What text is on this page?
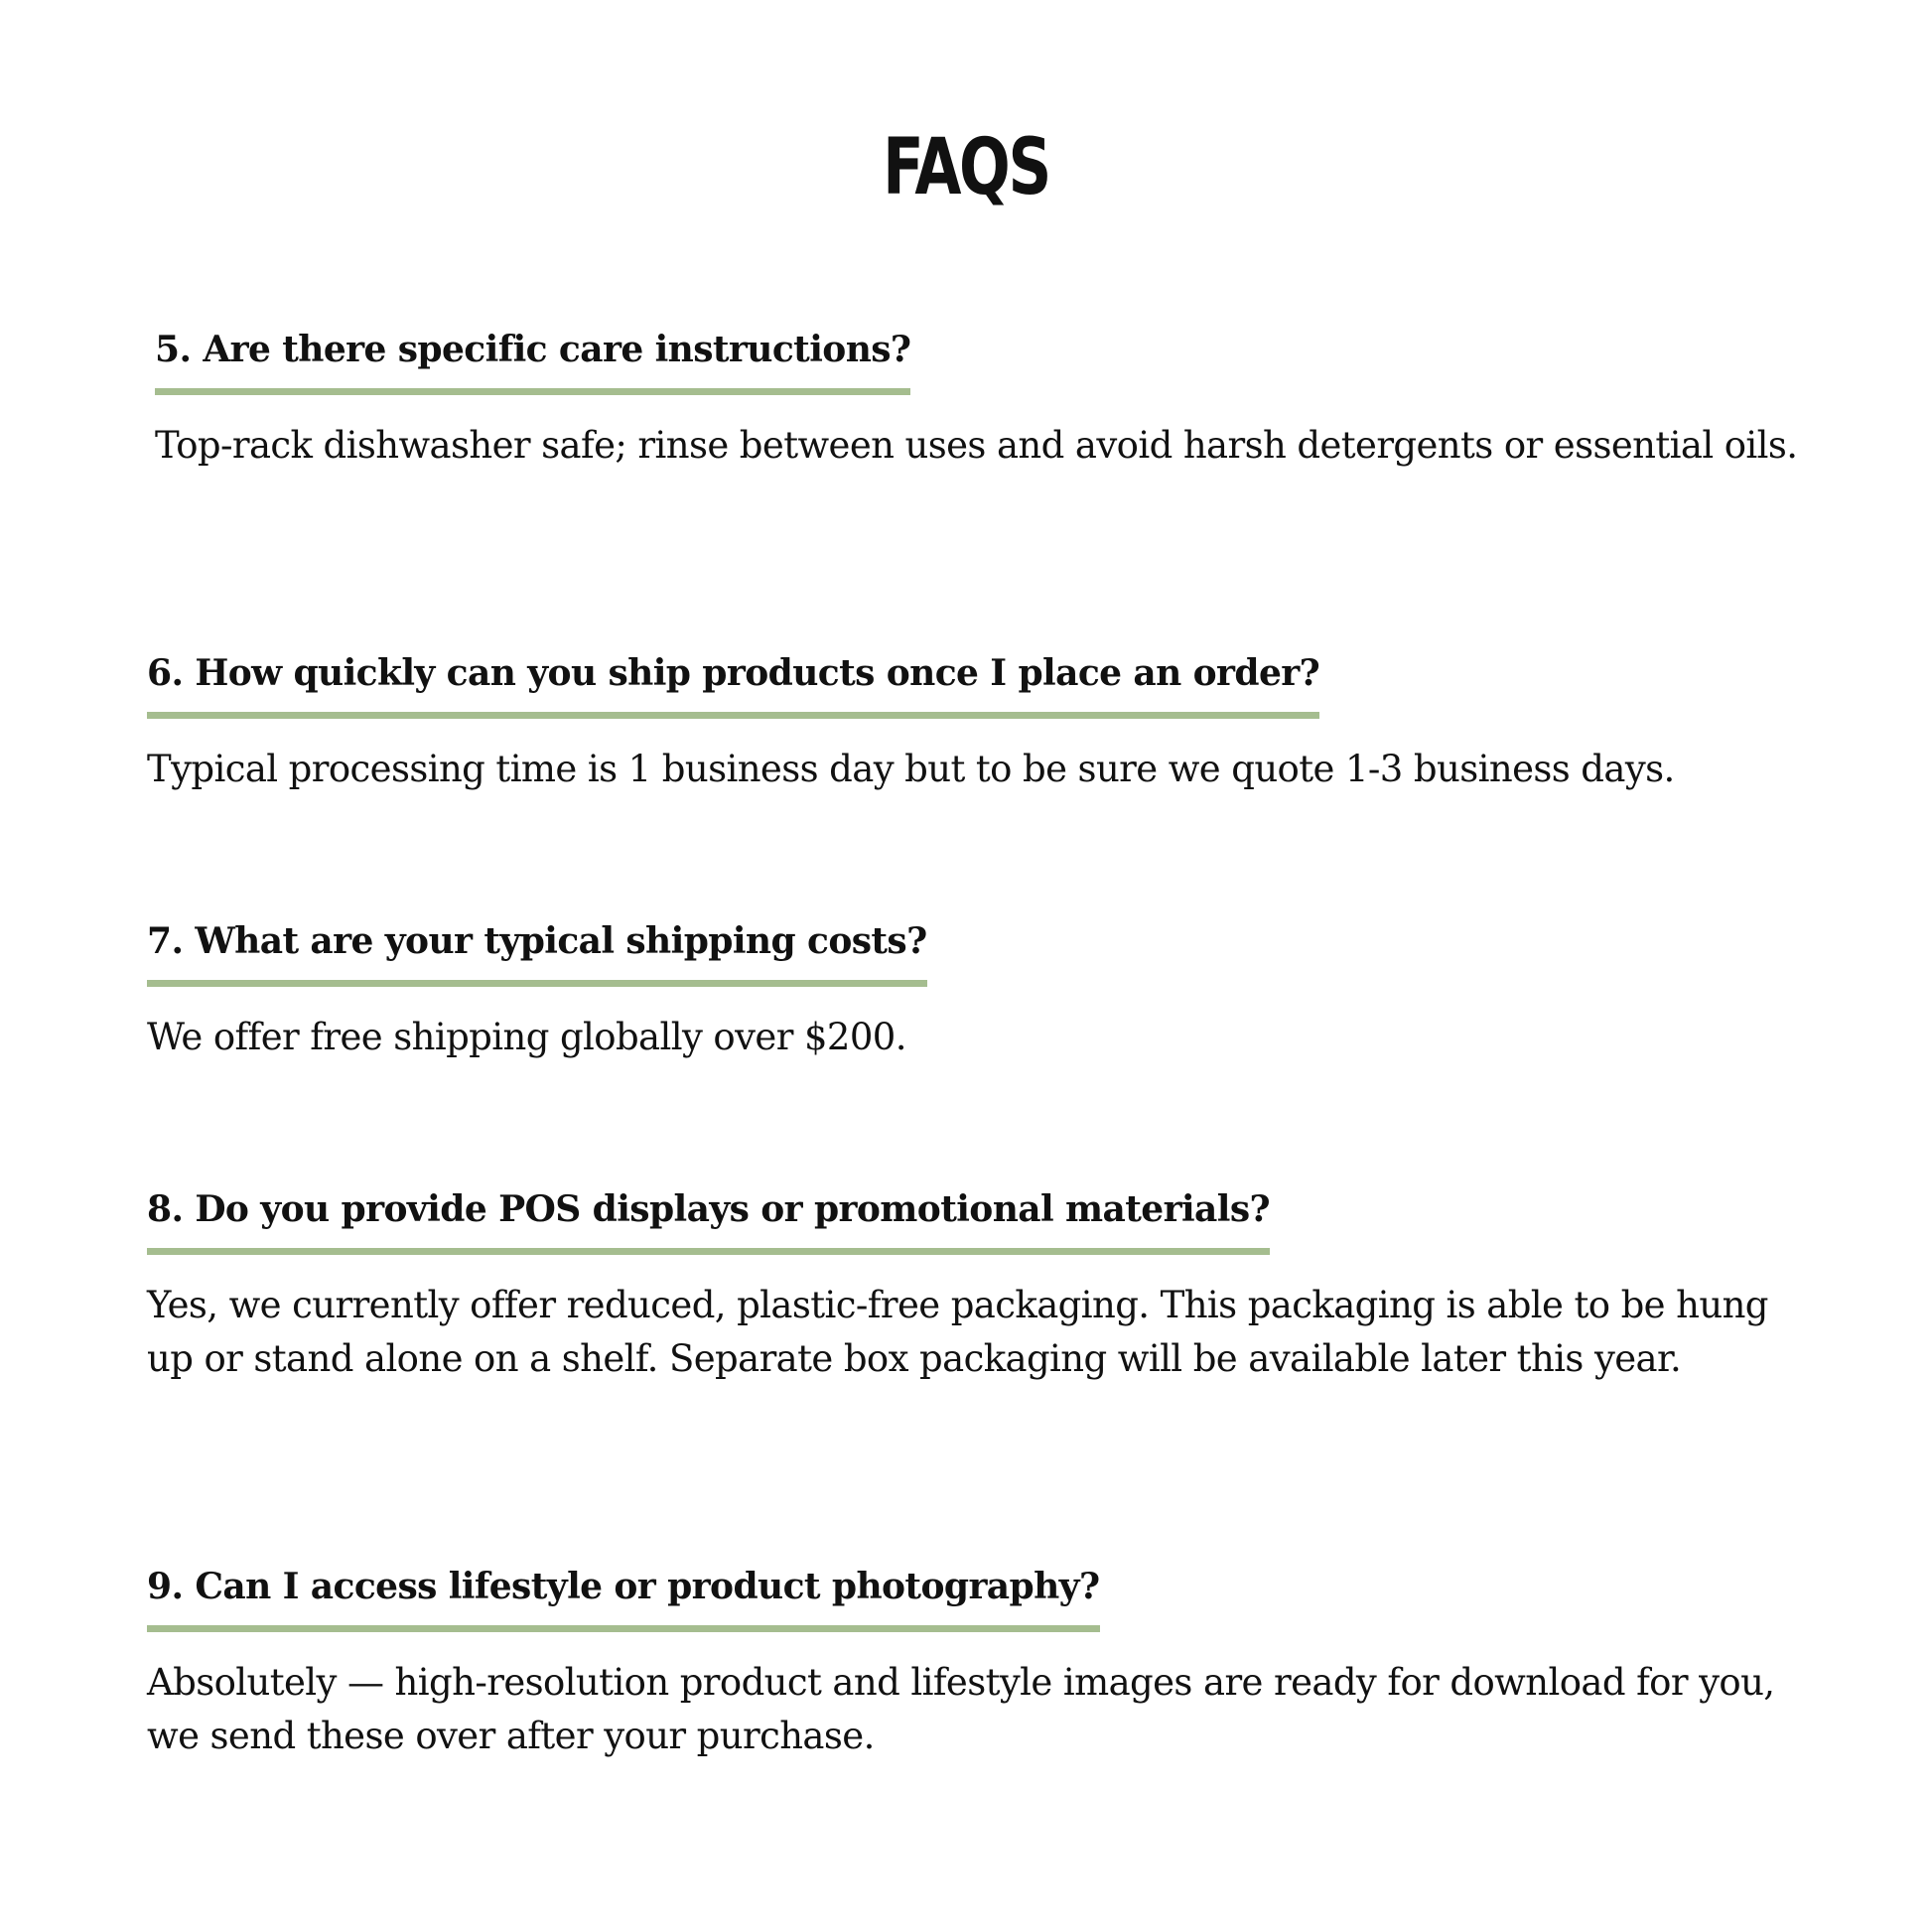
FAQS
5. Are there specific care instructions?

Top-rack dishwasher safe; rinse between uses and avoid harsh detergents or essential oils.

6. How quickly can you ship products once I place an order?

Typical processing time is 1 business day but to be sure we quote 1-3 business days.

7. What are your typical shipping costs?

We offer free shipping globally over $200.

8. Do you provide POS displays or promotional materials?

Yes, we currently offer reduced, plastic-free packaging. This packaging is able to be hung up or stand alone on a shelf. Separate box packaging will be available later this year.

9. Can I access lifestyle or product photography?

Absolutely — high-resolution product and lifestyle images are ready for download for you, we send these over after your purchase.
